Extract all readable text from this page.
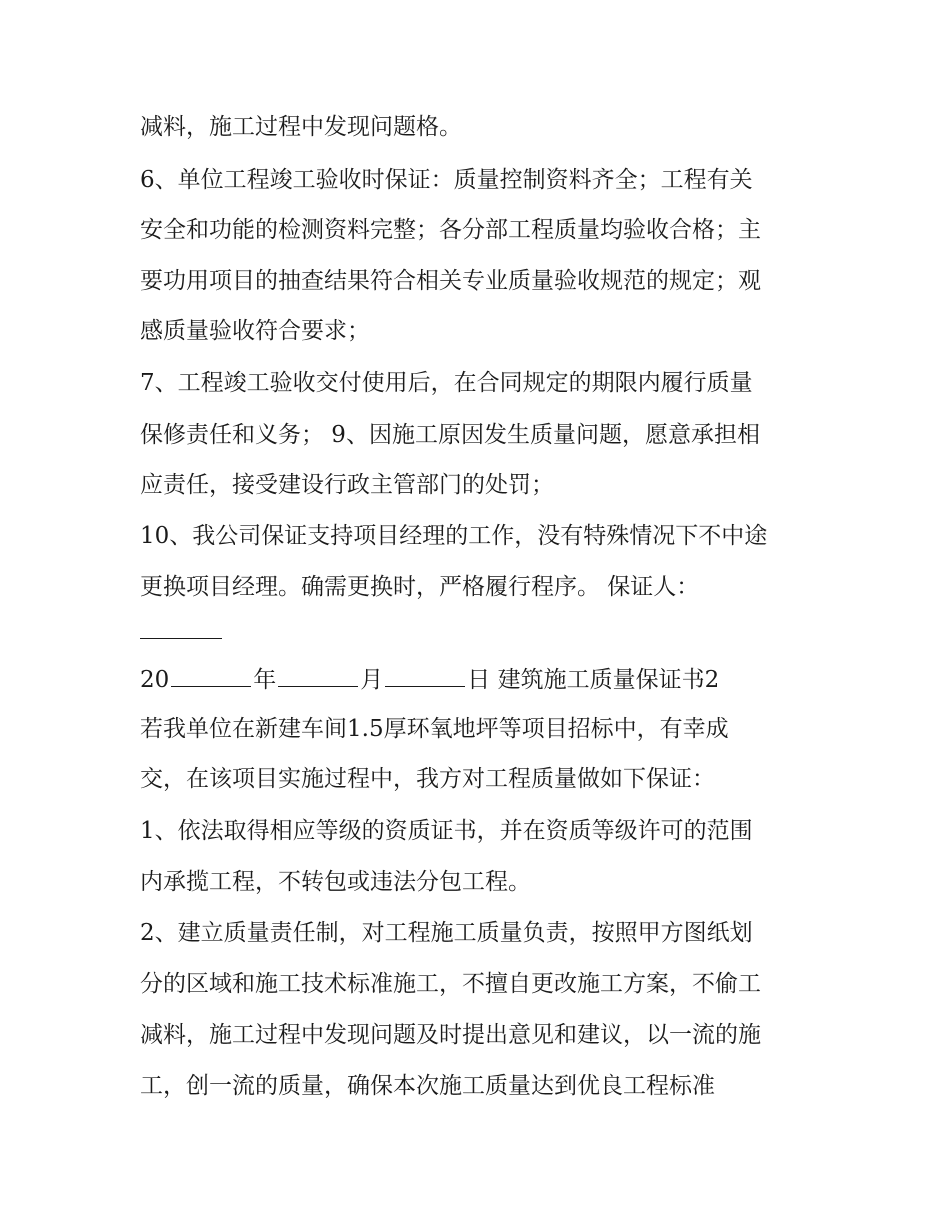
减料，施工过程中发现问题格。
6、单位工程竣工验收时保证：质量控制资料齐全；工程有关
安全和功能的检测资料完整；各分部工程质量均验收合格；主
要功用项目的抽查结果符合相关专业质量验收规范的规定；观
感质量验收符合要求；
7、工程竣工验收交付使用后，在合同规定的期限内履行质量
保修责任和义务； 9、因施工原因发生质量问题，愿意承担相
应责任，接受建设行政主管部门的处罚；
10、我公司保证支持项目经理的工作，没有特殊情况下不中途
更换项目经理。确需更换时，严格履行程序。 保证人：
20	年	月	日 建筑施工质量保证书2
若我单位在新建车间1.5厚环氧地坪等项目招标中，有幸成
交，在该项目实施过程中，我方对工程质量做如下保证：
1、依法取得相应等级的资质证书，并在资质等级许可的范围
内承揽工程，不转包或违法分包工程。
2、建立质量责任制，对工程施工质量负责，按照甲方图纸划
分的区域和施工技术标准施工，不擅自更改施工方案，不偷工
减料，施工过程中发现问题及时提出意见和建议，以一流的施
工，创一流的质量，确保本次施工质量达到优良工程标准
